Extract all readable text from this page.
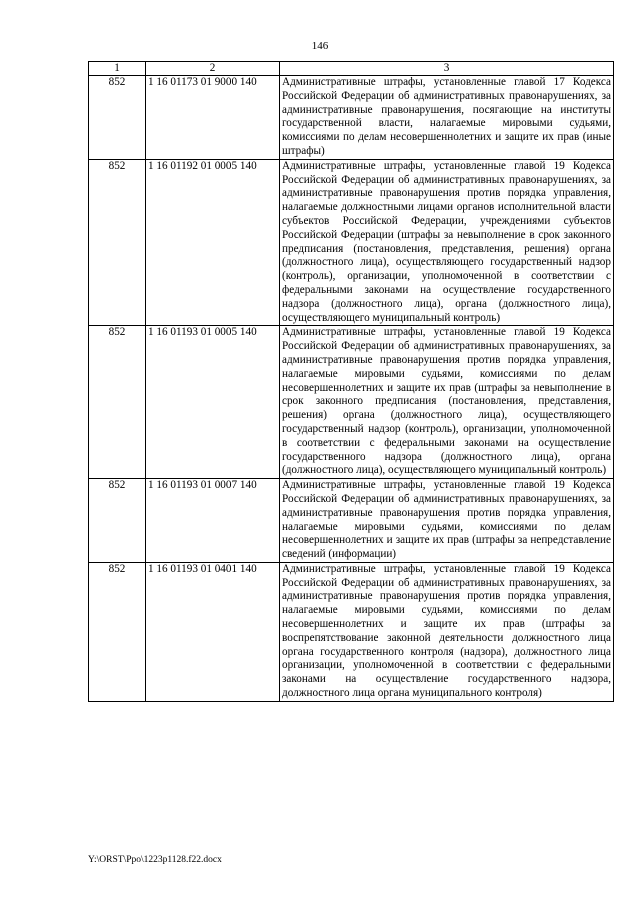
146
1	2	3
852	1 16 01173 01 9000 140	Административные штрафы, установленные главой 17 Кодекса Российской Федерации об административных правонарушениях, за административные правонарушения, посягающие на институты государственной власти, налагаемые мировыми судьями, комиссиями по делам несовершеннолетних и защите их прав (иные штрафы)
852	1 16 01192 01 0005 140	Административные штрафы, установленные главой 19 Кодекса Российской Федерации об административных правонарушениях, за административные правонарушения против порядка управления, налагаемые должностными лицами органов исполнительной власти субъектов Российской Федерации, учреждениями субъектов Российской Федерации (штрафы за невыполнение в срок законного предписания (постановления, представления, решения) органа (должностного лица), осуществляющего государственный надзор (контроль), организации, уполномоченной в соответствии с федеральными законами на осуществление государственного надзора (должностного лица), органа (должностного лица), осуществляющего муниципальный контроль)
852	1 16 01193 01 0005 140	Административные штрафы, установленные главой 19 Кодекса Российской Федерации об административных правонарушениях, за административные правонарушения против порядка управления, налагаемые мировыми судьями, комиссиями по делам несовершеннолетних и защите их прав (штрафы за невыполнение в срок законного предписания (постановления, представления, решения) органа (должностного лица), осуществляющего государственный надзор (контроль), организации, уполномоченной в соответствии с федеральными законами на осуществление государственного надзора (должностного лица), органа (должностного лица), осуществляющего муниципальный контроль)
852	1 16 01193 01 0007 140	Административные штрафы, установленные главой 19 Кодекса Российской Федерации об административных правонарушениях, за административные правонарушения против порядка управления, налагаемые мировыми судьями, комиссиями по делам несовершеннолетних и защите их прав (штрафы за непредставление сведений (информации)
852	1 16 01193 01 0401 140	Административные штрафы, установленные главой 19 Кодекса Российской Федерации об административных правонарушениях, за административные правонарушения против порядка управления, налагаемые мировыми судьями, комиссиями по делам несовершеннолетних и защите их прав (штрафы за воспрепятствование законной деятельности должностного лица органа государственного контроля (надзора), должностного лица организации, уполномоченной в соответствии с федеральными законами на осуществление государственного надзора, должностного лица органа муниципального контроля)
Y:\ORST\Ppo\1223p1128.f22.docx
